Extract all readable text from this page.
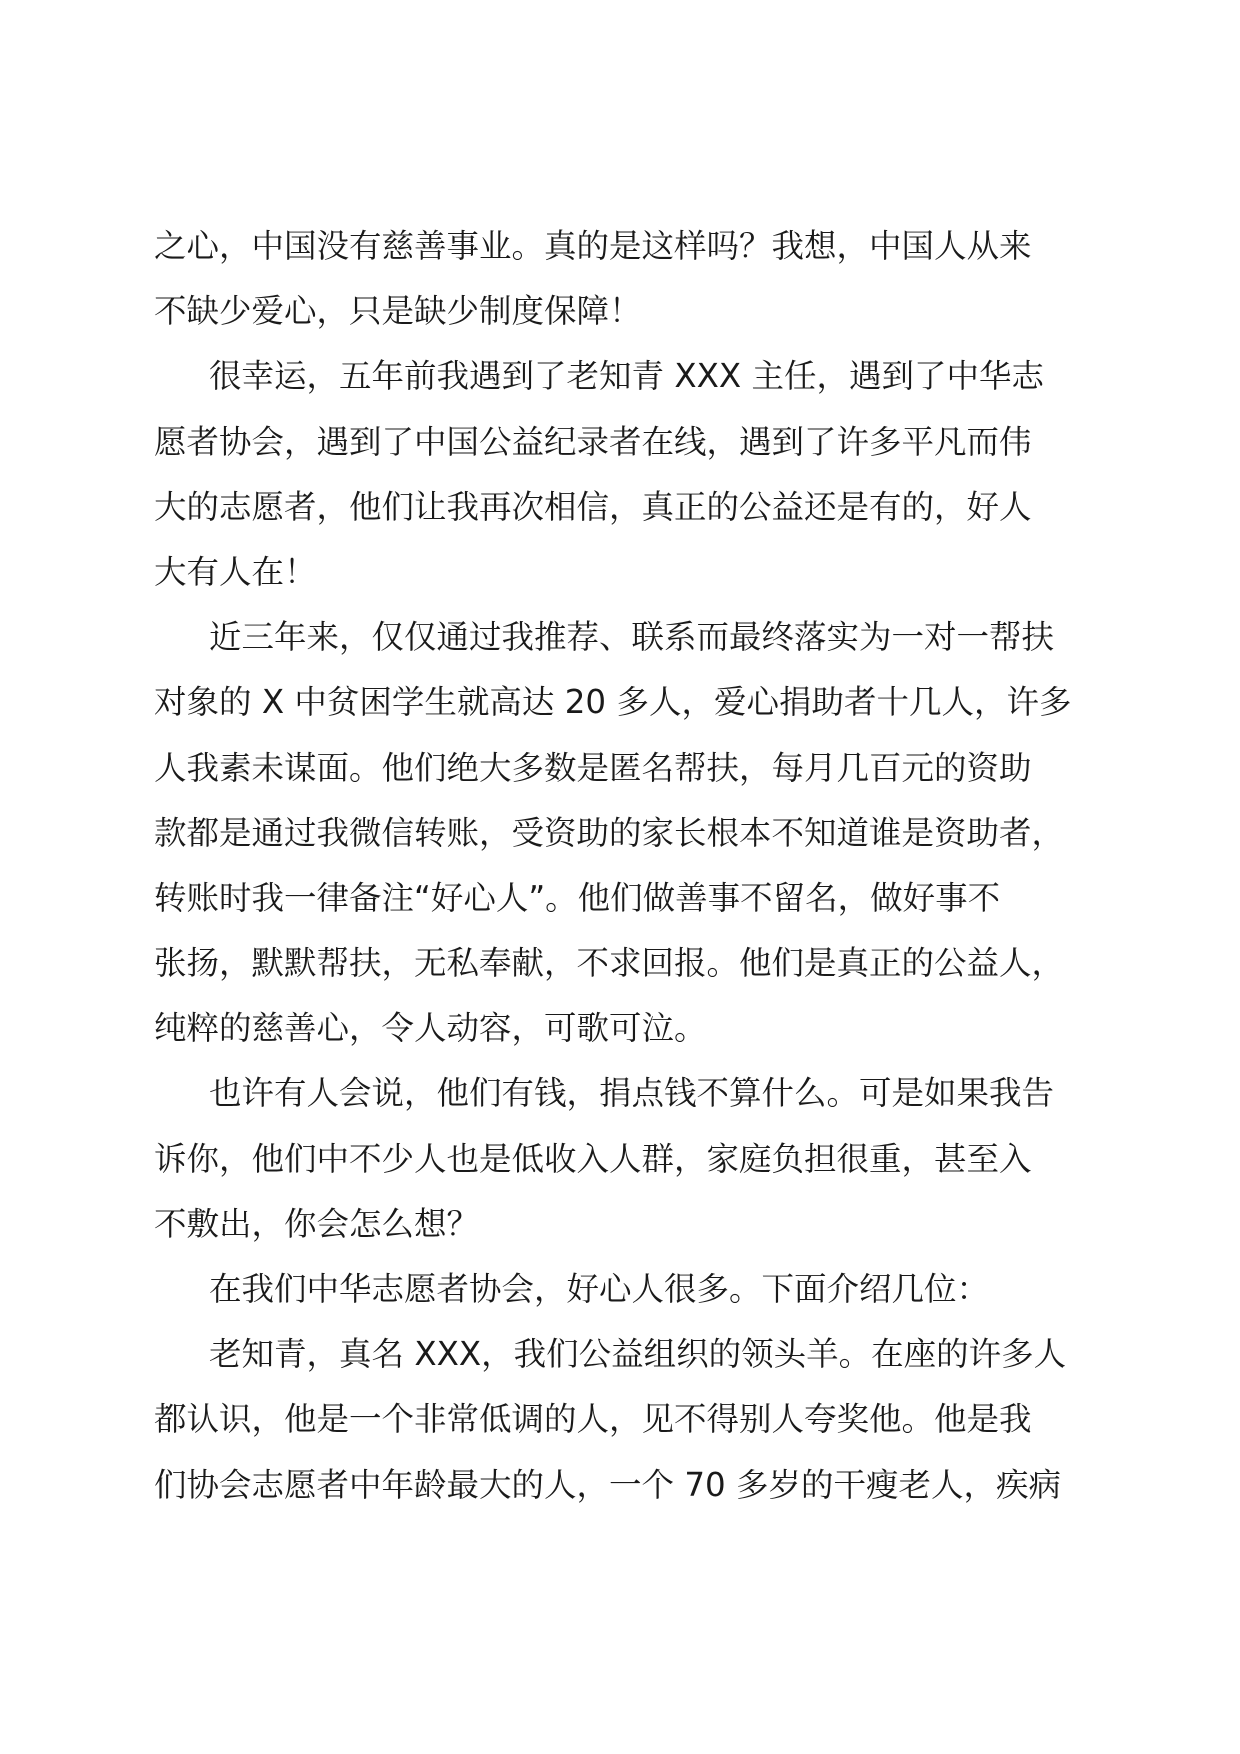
之心，中国没有慈善事业。真的是这样吗？我想，中国人从来
不缺少爱心，只是缺少制度保障！
很幸运，五年前我遇到了老知青 XXX 主任，遇到了中华志
愿者协会，遇到了中国公益纪录者在线，遇到了许多平凡而伟
大的志愿者，他们让我再次相信，真正的公益还是有的，好人
大有人在！
近三年来，仅仅通过我推荐、联系而最终落实为一对一帮扶
对象的 X 中贫困学生就高达 20 多人，爱心捐助者十几人，许多
人我素未谋面。他们绝大多数是匿名帮扶，每月几百元的资助
款都是通过我微信转账，受资助的家长根本不知道谁是资助者，
转账时我一律备注“好心人”。他们做善事不留名，做好事不
张扬，默默帮扶，无私奉献，不求回报。他们是真正的公益人，
纯粹的慈善心，令人动容，可歌可泣。
也许有人会说，他们有钱，捐点钱不算什么。可是如果我告
诉你，他们中不少人也是低收入人群，家庭负担很重，甚至入
不敷出，你会怎么想？
在我们中华志愿者协会，好心人很多。下面介绍几位：
老知青，真名 XXX，我们公益组织的领头羊。在座的许多人
都认识，他是一个非常低调的人，见不得别人夸奖他。他是我
们协会志愿者中年龄最大的人，一个 70 多岁的干瘦老人，疾病
